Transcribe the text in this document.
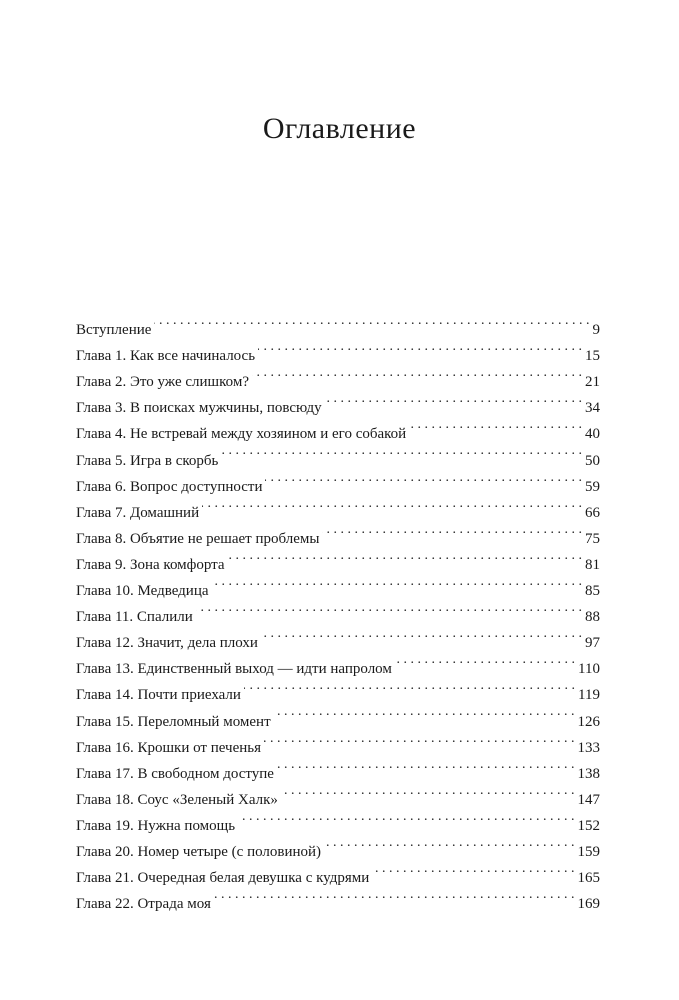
Оглавление
Вступление . . .	9
Глава 1. Как все начиналось . . .	15
Глава 2. Это уже слишком? . . .	21
Глава 3. В поисках мужчины, повсюду . . .	34
Глава 4. Не встревай между хозяином и его собакой . . .	40
Глава 5. Игра в скорбь . . .	50
Глава 6. Вопрос доступности . . .	59
Глава 7. Домашний . . .	66
Глава 8. Объятие не решает проблемы . . .	75
Глава 9. Зона комфорта . . .	81
Глава 10. Медведица . . .	85
Глава 11. Спалили . . .	88
Глава 12. Значит, дела плохи . . .	97
Глава 13. Единственный выход — идти напролом . . .	110
Глава 14. Почти приехали . . .	119
Глава 15. Переломный момент . . .	126
Глава 16. Крошки от печенья . . .	133
Глава 17. В свободном доступе . . .	138
Глава 18. Соус «Зеленый Халк» . . .	147
Глава 19. Нужна помощь . . .	152
Глава 20. Номер четыре (с половиной) . . .	159
Глава 21. Очередная белая девушка с кудрями . . .	165
Глава 22. Отрада моя . . .	169
